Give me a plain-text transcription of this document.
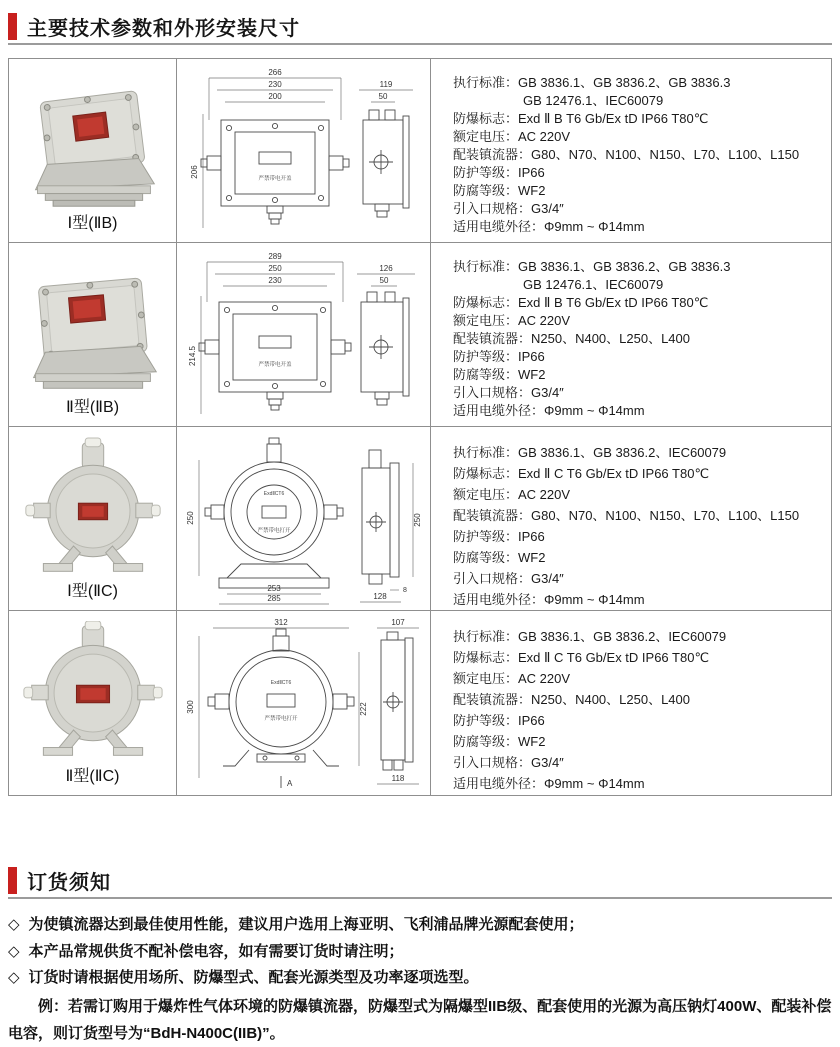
主要技术参数和外形安装尺寸
Ⅰ型(ⅡB)
266
230
200
206
严禁带电开盖
119
50
执行标准：GB 3836.1、GB 3836.2、GB 3836.3
GB 12476.1、IEC60079
防爆标志：Exd Ⅱ B T6 Gb/Ex tD IP66 T80℃
额定电压：AC 220V
配装镇流器：G80、N70、N100、N150、L70、L100、L150
防护等级：IP66
防腐等级：WF2
引入口规格：G3/4″
适用电缆外径：Φ9mm ~ Φ14mm
Ⅱ型(ⅡB)
289
250
230
214.5	严禁带电开盖
126
50
执行标准：GB 3836.1、GB 3836.2、GB 3836.3
GB 12476.1、IEC60079
防爆标志：Exd Ⅱ B T6 Gb/Ex tD IP66 T80℃
额定电压：AC 220V
配装镇流器：N250、N400、L250、L400
防护等级：IP66
防腐等级：WF2
引入口规格：G3/4″
适用电缆外径：Φ9mm ~ Φ14mm
Ⅰ型(ⅡC)
250
ExdⅡCT6
严禁带电打开
253
285
250
8
128
执行标准：GB 3836.1、GB 3836.2、IEC60079
防爆标志：Exd Ⅱ C T6 Gb/Ex tD IP66 T80℃
额定电压：AC 220V
配装镇流器：G80、N70、N100、N150、L70、L100、L150
防护等级：IP66
防腐等级：WF2
引入口规格：G3/4″
适用电缆外径：Φ9mm ~ Φ14mm
Ⅱ型(ⅡC)
312
300	222
ExdⅡCT6
严禁带电打开
A
107
118
执行标准：GB 3836.1、GB 3836.2、IEC60079
防爆标志：Exd Ⅱ C T6 Gb/Ex tD IP66 T80℃
额定电压：AC 220V
配装镇流器：N250、N400、L250、L400
防护等级：IP66
防腐等级：WF2
引入口规格：G3/4″
适用电缆外径：Φ9mm ~ Φ14mm
订货须知
◇ 为使镇流器达到最佳使用性能，建议用户选用上海亚明、飞利浦品牌光源配套使用；
◇ 本产品常规供货不配补偿电容，如有需要订货时请注明；
◇ 订货时请根据使用场所、防爆型式、配套光源类型及功率逐项选型。
例：若需订购用于爆炸性气体环境的防爆镇流器，防爆型式为隔爆型IIB级、配套使用的光源为高压钠灯400W、配装补偿电容，则订货型号为“BdH-N400C(IIB)”。
